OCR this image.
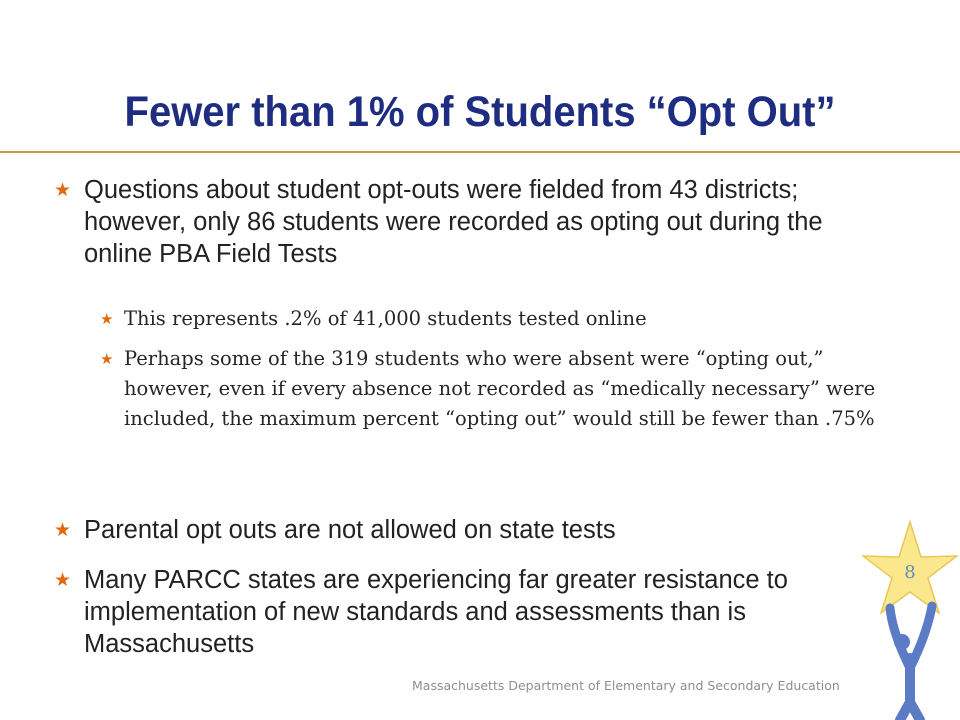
Fewer than 1% of Students “Opt Out”
★ Questions about student opt-outs were fielded from 43 districts; however, only 86 students were recorded as opting out during the online PBA Field Tests
★ This represents .2% of 41,000 students tested online
★ Perhaps some of the 319 students who were absent were “opting out,” however, even if every absence not recorded as “medically necessary” were included, the maximum percent “opting out” would still be fewer than .75%
★ Parental opt outs are not allowed on state tests
★ Many PARCC states are experiencing far greater resistance to implementation of new standards and assessments than is Massachusetts
8
Massachusetts Department of Elementary and Secondary Education
